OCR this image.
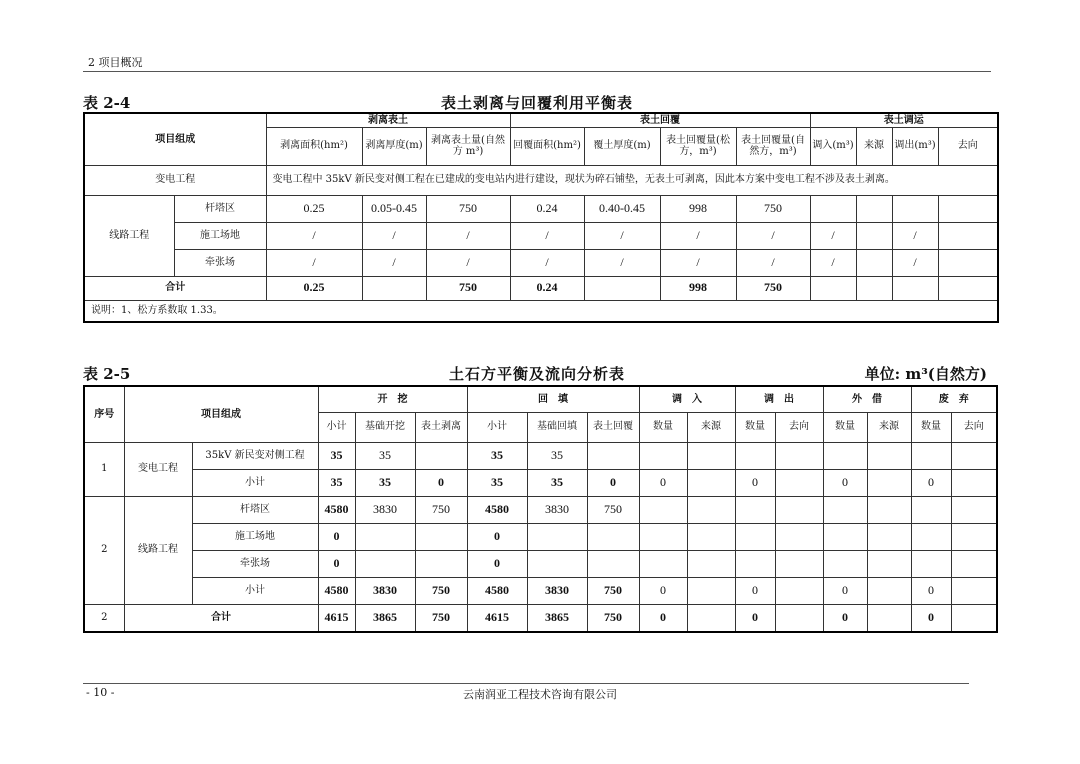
2 项目概况
表 2-4	表土剥离与回覆利用平衡表
项目组成		剥离表土			表土回覆				表土调运			
		剥离面积(hm²)	剥离厚度(m)	剥离表土量(自然方 m³)	回覆面积(hm²)	覆土厚度(m)	表土回覆量(松方，m³)	表土回覆量(自然方，m³)	调入(m³)	来源	调出(m³)	去向
变电工程		变电工程中 35kV 新民变对侧工程在已建成的变电站内进行建设，现状为碎石铺垫，无表土可剥离，因此本方案中变电工程不涉及表土剥离。										
线路工程	杆塔区	0.25	0.05-0.45	750	0.24	0.40-0.45	998	750				
	施工场地	/	/	/	/	/	/	/	/		/	
	牵张场	/	/	/	/	/	/	/	/		/	
合计		0.25		750	0.24		998	750				
说明：1、松方系数取 1.33。												
表 2-5	土石方平衡及流向分析表	单位: m³(自然方)
序号	项目组成		开　挖			回　填			调　入		调　出		外　借		废　弃	
			小计	基础开挖	表土剥离	小计	基础回填	表土回覆	数量	来源	数量	去向	数量	来源	数量	去向
1	变电工程	35kV 新民变对侧工程	35	35		35	35									
		小计	35	35	0	35	35	0	0		0		0		0	
2	线路工程	杆塔区	4580	3830	750	4580	3830	750								
		施工场地	0			0										
		牵张场	0			0										
		小计	4580	3830	750	4580	3830	750	0		0		0		0	
2	合计		4615	3865	750	4615	3865	750	0		0		0		0	
- 10 -	云南润亚工程技术咨询有限公司
